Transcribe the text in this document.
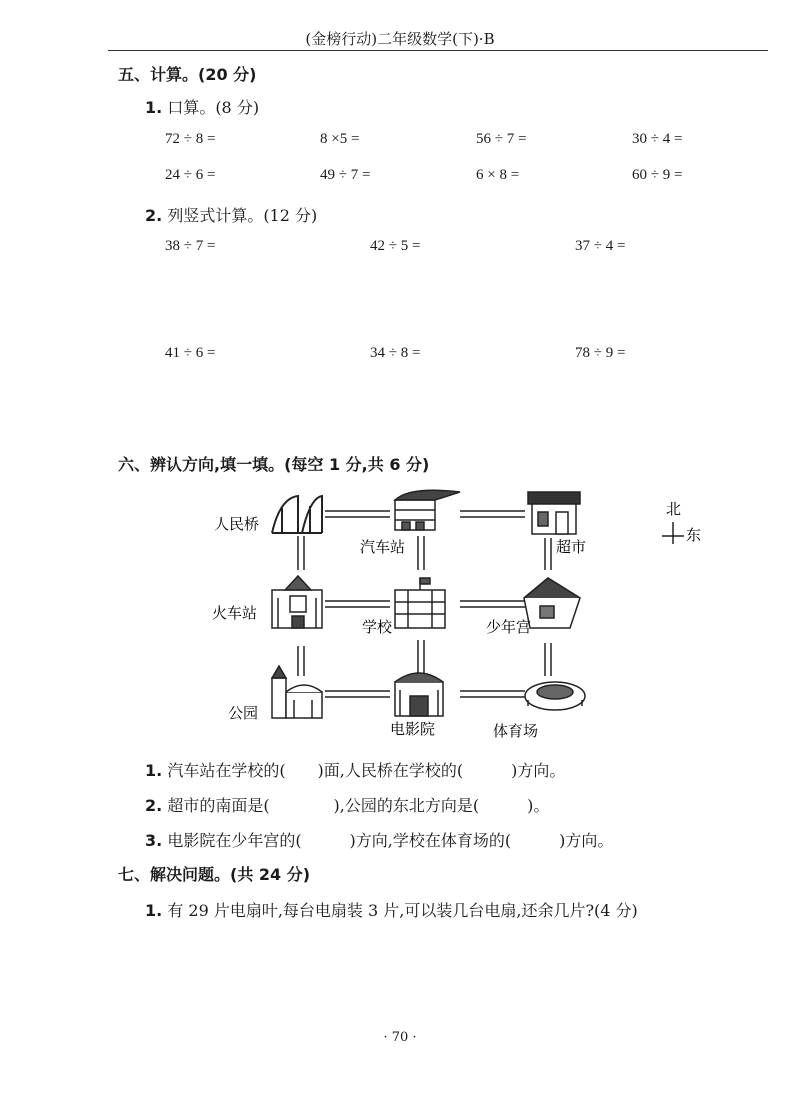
(金榜行动)二年级数学(下)·B
五、计算。(20 分)
1. 口算。(8 分)
72 ÷ 8 =	8 ×5 =	56 ÷ 7 =	30 ÷ 4 =
24 ÷ 6 =	49 ÷ 7 =	6 × 8 =	60 ÷ 9 =
2. 列竖式计算。(12 分)
38 ÷ 7 =	42 ÷ 5 =	37 ÷ 4 =
41 ÷ 6 =	34 ÷ 8 =	78 ÷ 9 =
六、辨认方向,填一填。(每空 1 分,共 6 分)
人民桥
汽车站	超市
火车站
学校	少年宫
公园
电影院	体育场
北
东
1. 汽车站在学校的(　　)面,人民桥在学校的(　　　)方向。
2. 超市的南面是(　　　　),公园的东北方向是(　　　)。
3. 电影院在少年宫的(　　　)方向,学校在体育场的(　　　)方向。
七、解决问题。(共 24 分)
1. 有 29 片电扇叶,每台电扇装 3 片,可以装几台电扇,还余几片?(4 分)
· 70 ·
